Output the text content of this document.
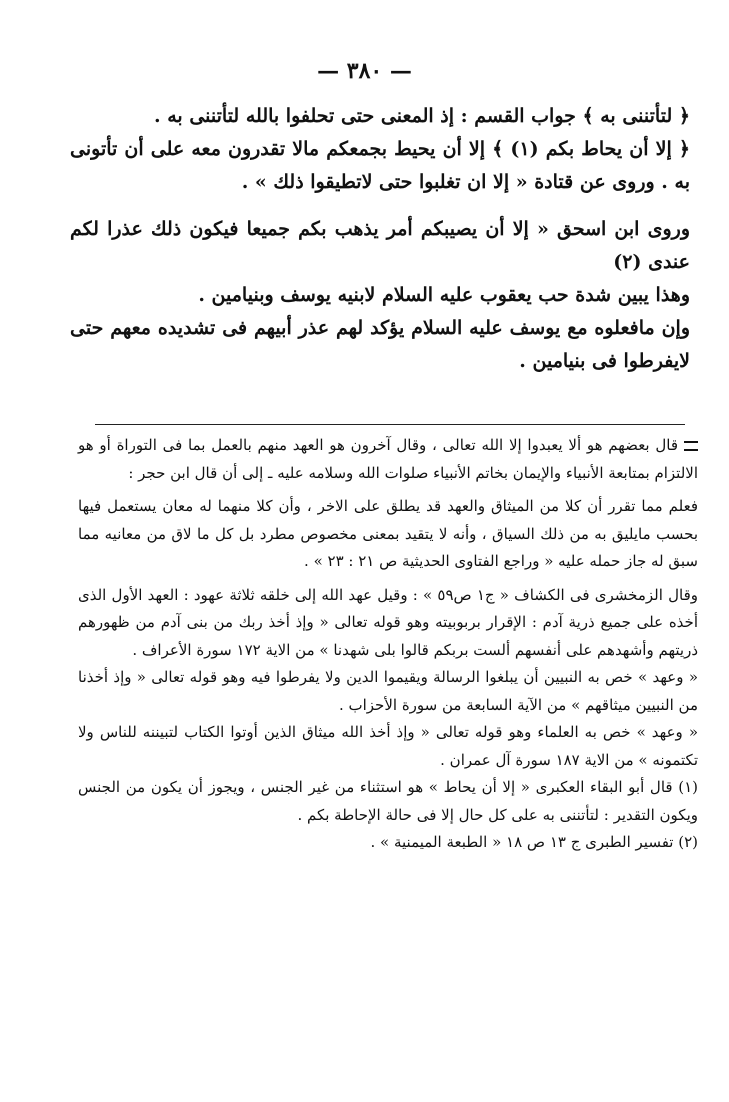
— ٣٨٠ —

﴿ لتأتننى به ﴾ جواب القسم : إذ المعنى حتى تحلفوا بالله لتأتننى به .

﴿ إلا أن يحاط بكم (١) ﴾ إلا أن يحيط بجمعكم مالا تقدرون معه على أن تأتونى به . وروى عن قتادة « إلا ان تغلبوا حتى لاتطيقوا ذلك » .

وروى ابن اسحق « إلا أن يصيبكم أمر يذهب بكم جميعا فيكون ذلك عذرا لكم عندى (٢)

وهذا يبين شدة حب يعقوب عليه السلام لابنيه يوسف وبنيامين .

وإن مافعلوه مع يوسف عليه السلام يؤكد لهم عذر أبيهم فى تشديده معهم حتى لايفرطوا فى بنيامين .

قال بعضهم هو ألا يعبدوا إلا الله تعالى ، وقال آخرون هو العهد منهم بالعمل بما فى التوراة أو هو الالتزام بمتابعة الأنبياء والإيمان بخاتم الأنبياء صلوات الله وسلامه عليه ـ إلى أن قال ابن حجر :

فعلم مما تقرر أن كلا من الميثاق والعهد قد يطلق على الاخر ، وأن كلا منهما له معان يستعمل فيها بحسب مايليق به من ذلك السياق ، وأنه لا يتقيد بمعنى مخصوص مطرد بل كل ما لاق من معانيه مما سبق له جاز حمله عليه « وراجع الفتاوى الحديثية ص ٢١ : ٢٣ » .

وقال الزمخشرى فى الكشاف « ج١ ص٥٩ » : وقيل عهد الله إلى خلقه ثلاثة عهود : العهد الأول الذى أخذه على جميع ذرية آدم : الإقرار بربوبيته وهو قوله تعالى « وإذ أخذ ربك من بنى آدم من ظهورهم ذريتهم وأشهدهم على أنفسهم ألست بربكم قالوا بلى شهدنا » من الاية ١٧٢ سورة الأعراف .

« وعهد » خص به النبيين أن يبلغوا الرسالة ويقيموا الدين ولا يفرطوا فيه وهو قوله تعالى « وإذ أخذنا من النبيين ميثاقهم » من الآية السابعة من سورة الأحزاب .

« وعهد » خص به العلماء وهو قوله تعالى « وإذ أخذ الله ميثاق الذين أوتوا الكتاب لتبيننه للناس ولا تكتمونه » من الاية ١٨٧ سورة آل عمران .

(١) قال أبو البقاء العكبرى « إلا أن يحاط » هو استثناء من غير الجنس ، ويجوز أن يكون من الجنس ويكون التقدير : لتأتننى به على كل حال إلا فى حالة الإحاطة بكم .

(٢) تفسير الطبرى ج ١٣ ص ١٨ « الطبعة الميمنية » .
